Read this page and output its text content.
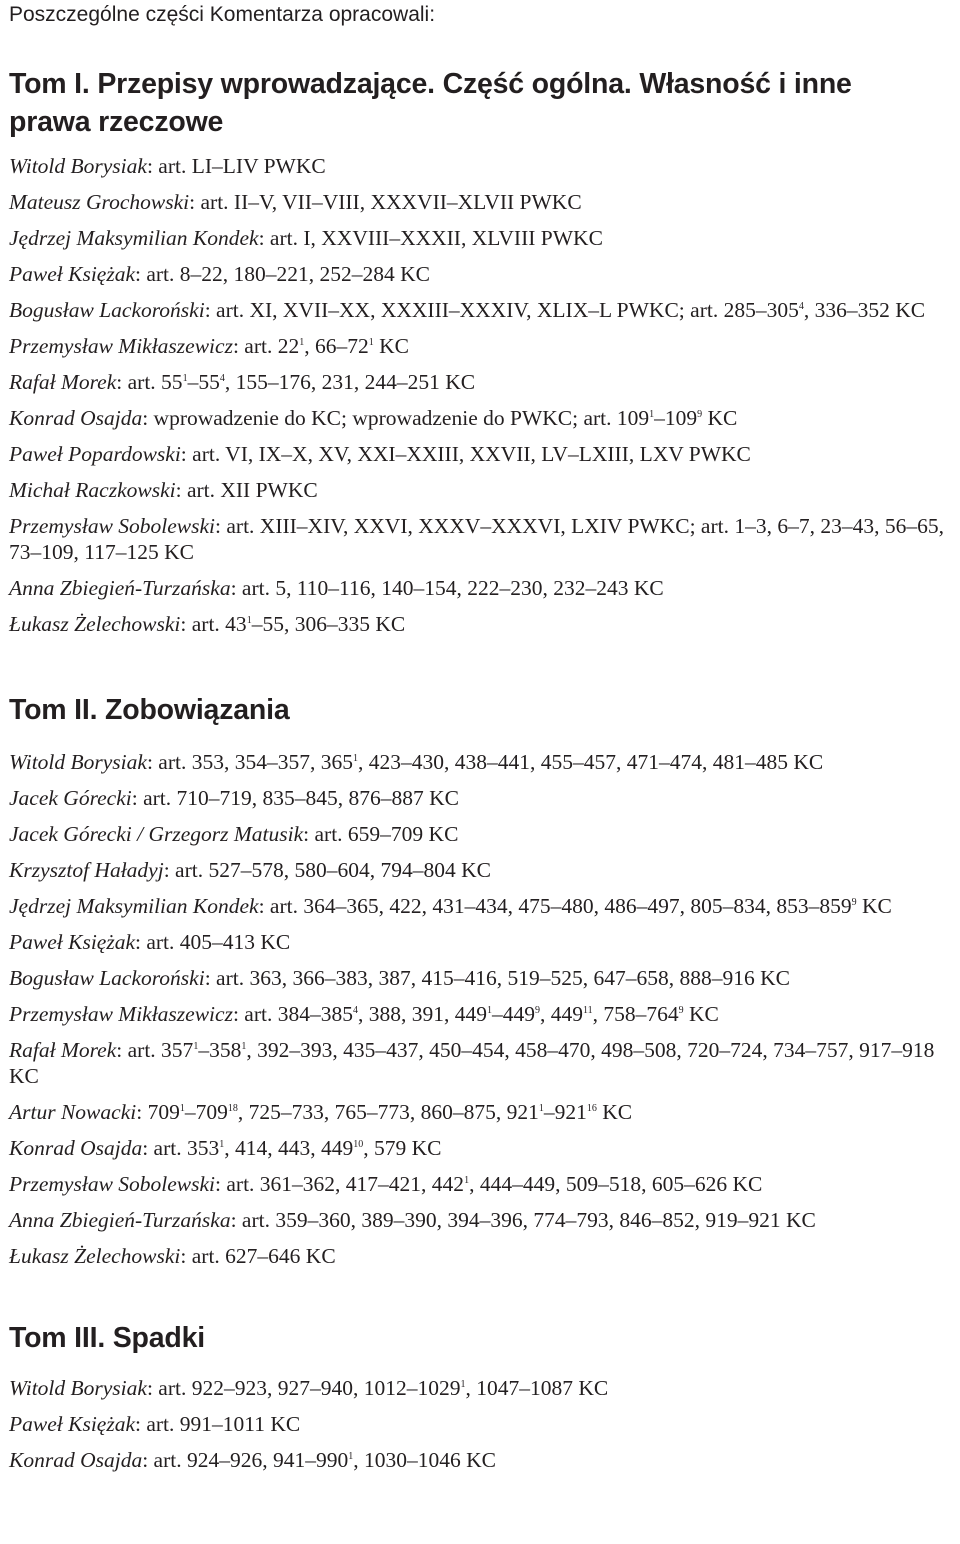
Poszczególne części Komentarza opracowali:

Tom I. Przepisy wprowadzające. Część ogólna. Własność i inne prawa rzeczowe

Witold Borysiak: art. LI–LIV PWKC

Mateusz Grochowski: art. II–V, VII–VIII, XXXVII–XLVII PWKC

Jędrzej Maksymilian Kondek: art. I, XXVIII–XXXII, XLVIII PWKC

Paweł Księżak: art. 8–22, 180–221, 252–284 KC

Bogusław Lackoroński: art. XI, XVII–XX, XXXIII–XXXIV, XLIX–L PWKC; art. $285-305^4$, 336–352 KC

Przemysław Mikłaszewicz: art. $22^1$, $66-72^1$ KC

Rafał Morek: art. $55^1-55^4$, 155–176, 231, 244–251 KC

Konrad Osajda: wprowadzenie do KC; wprowadzenie do PWKC; art. $109^1-109^9$ KC

Paweł Popardowski: art. VI, IX–X, XV, XXI–XXIII, XXVII, LV–LXIII, LXV PWKC

Michał Raczkowski: art. XII PWKC

Przemysław Sobolewski: art. XIII–XIV, XXVI, XXXV–XXXVI, LXIV PWKC; art. 1–3, 6–7, 23–43, 56–65, 73–109, 117–125 KC

Anna Zbiegień-Turzańska: art. 5, 110–116, 140–154, 222–230, 232–243 KC

Łukasz Żelechowski: art. $43^1-55$, 306–335 KC

Tom II. Zobowiązania

Witold Borysiak: art. 353, 354–357, $365^1$, 423–430, 438–441, 455–457, 471–474, 481–485 KC

Jacek Górecki: art. 710–719, 835–845, 876–887 KC

Jacek Górecki / Grzegorz Matusik: art. 659–709 KC

Krzysztof Haładyj: art. 527–578, 580–604, 794–804 KC

Jędrzej Maksymilian Kondek: art. 364–365, 422, 431–434, 475–480, 486–497, 805–834, $853-859^9$ KC

Paweł Księżak: art. 405–413 KC

Bogusław Lackoroński: art. 363, 366–383, 387, 415–416, 519–525, 647–658, 888–916 KC

Przemysław Mikłaszewicz: art. $384-385^4$, 388, 391, $449^1-449^9$, $449^{11}$, $758-764^9$ KC

Rafał Morek: art. $357^1-358^1$, 392–393, 435–437, 450–454, 458–470, 498–508, 720–724, 734–757, 917–918 KC

Artur Nowacki: $709^1-709^{18}$, 725–733, 765–773, 860–875, $921^1-921^{16}$ KC

Konrad Osajda: art. $353^1$, 414, 443, $449^{10}$, 579 KC

Przemysław Sobolewski: art. 361–362, 417–421, $442^1$, 444–449, 509–518, 605–626 KC

Anna Zbiegień-Turzańska: art. 359–360, 389–390, 394–396, 774–793, 846–852, 919–921 KC

Łukasz Żelechowski: art. 627–646 KC

Tom III. Spadki

Witold Borysiak: art. 922–923, 927–940, 1012–1029$^1$, 1047–1087 KC

Paweł Księżak: art. 991–1011 KC

Konrad Osajda: art. 924–926, $941-990^1$, 1030–1046 KC
